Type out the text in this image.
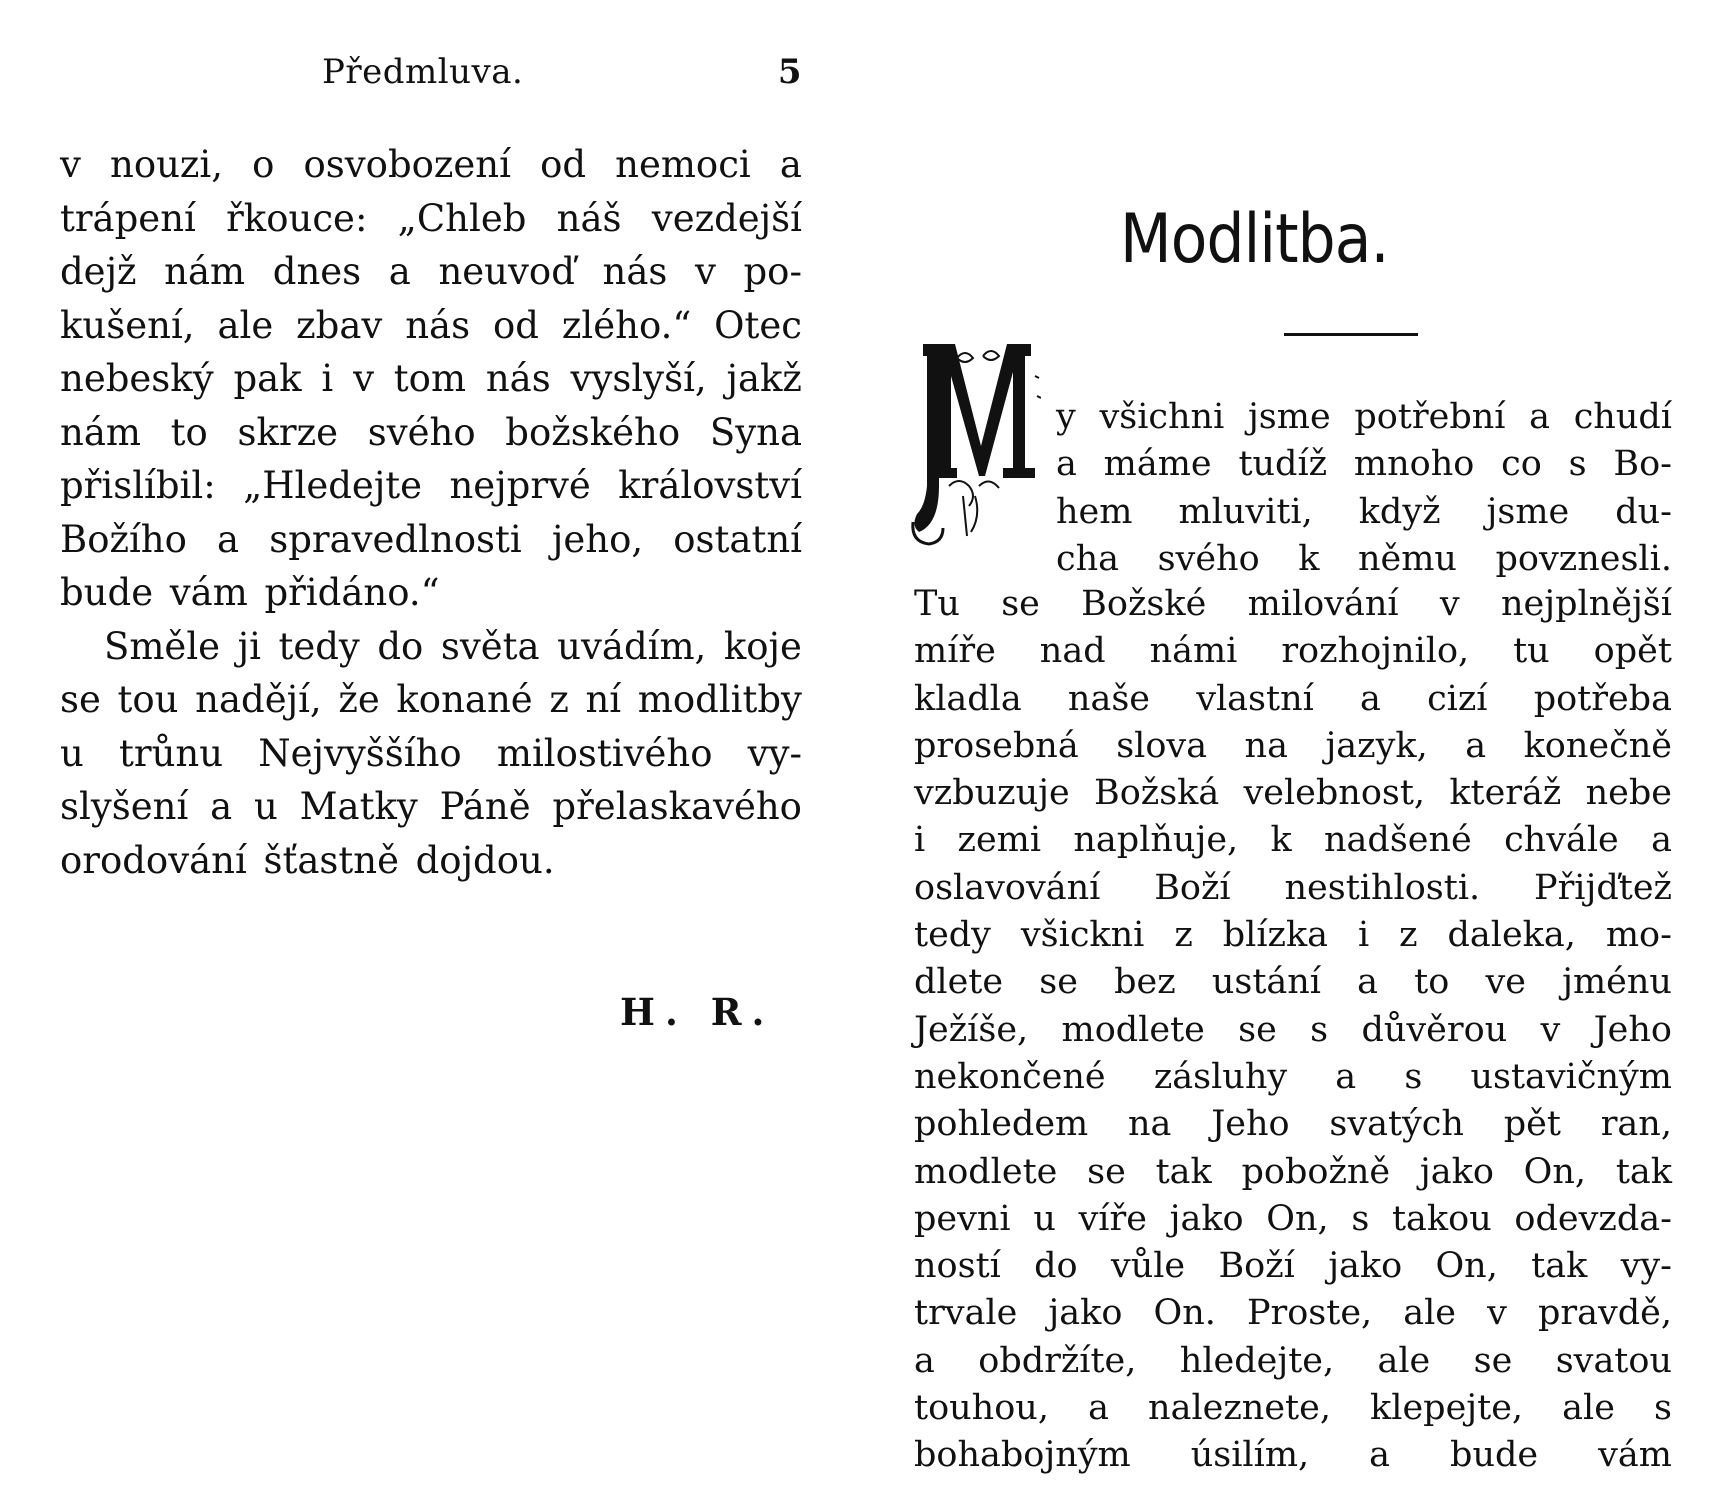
Předmluva.	5
v nouzi, o osvobození od nemoci a
trápení řkouce: „Chleb náš vezdejší
dejž nám dnes a neuvoď nás v po-
kušení, ale zbav nás od zlého.“ Otec
nebeský pak i v tom nás vyslyší, jakž
nám to skrze svého božského Syna
přislíbil: „Hledejte nejprvé království
Božího a spravedlnosti jeho, ostatní
bude vám přidáno.“
Směle ji tedy do světa uvádím, koje
se tou nadějí, že konané z ní modlitby
u trůnu Nejvyššího milostivého vy-
slyšení a u Matky Páně přelaskavého
orodování šťastně dojdou.
H. R.
Modlitba.
y všichni jsme potřební a chudí
a máme tudíž mnoho co s Bo-
hem mluviti, když jsme du-
cha svého k němu povznesli.
Tu se Božské milování v nejplnější
míře nad námi rozhojnilo, tu opět
kladla naše vlastní a cizí potřeba
prosebná slova na jazyk, a konečně
vzbuzuje Božská velebnost, kteráž nebe
i zemi naplňuje, k nadšené chvále a
oslavování Boží nestihlosti. Přijďtež
tedy všickni z blízka i z daleka, mo-
dlete se bez ustání a to ve jménu
Ježíše, modlete se s důvěrou v Jeho
nekončené zásluhy a s ustavičným
pohledem na Jeho svatých pět ran,
modlete se tak pobožně jako On, tak
pevni u víře jako On, s takou odevzda-
ností do vůle Boží jako On, tak vy-
trvale jako On. Proste, ale v pravdě,
a obdržíte, hledejte, ale se svatou
touhou, a naleznete, klepejte, ale s
bohabojným úsilím, a bude vám
